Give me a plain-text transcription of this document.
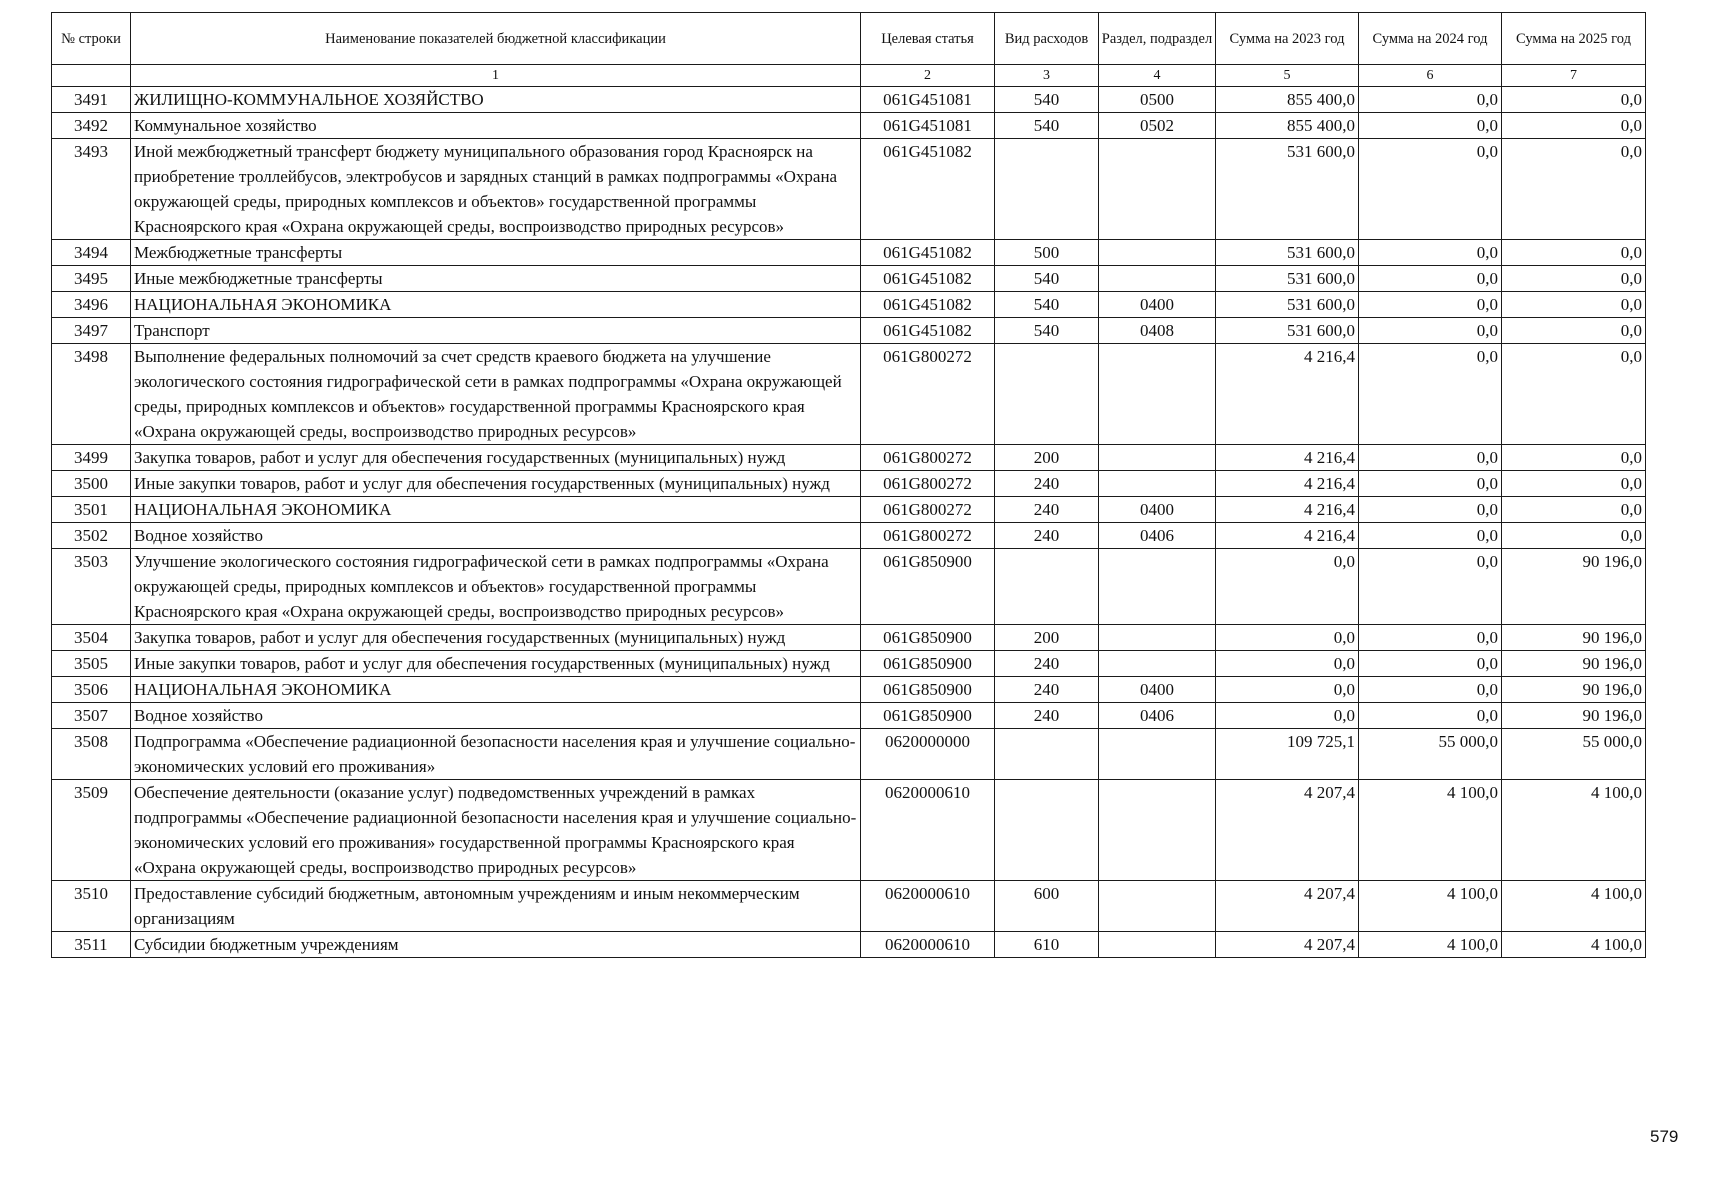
№ строки	Наименование показателей бюджетной классификации	Целевая статья	Вид расходов	Раздел, подраздел	Сумма на 2023 год	Сумма на 2024 год	Сумма на 2025 год
	1	2	3	4	5	6	7
3491	ЖИЛИЩНО-КОММУНАЛЬНОЕ ХОЗЯЙСТВО	061G451081	540	0500	855 400,0	0,0	0,0
3492	Коммунальное хозяйство	061G451081	540	0502	855 400,0	0,0	0,0
3493	Иной межбюджетный трансферт бюджету муниципального образования город Красноярск на приобретение троллейбусов, электробусов и зарядных станций в рамках подпрограммы «Охрана окружающей среды, природных комплексов и объектов» государственной программы Красноярского края «Охрана окружающей среды, воспроизводство природных ресурсов»	061G451082			531 600,0	0,0	0,0
3494	Межбюджетные трансферты	061G451082	500		531 600,0	0,0	0,0
3495	Иные межбюджетные трансферты	061G451082	540		531 600,0	0,0	0,0
3496	НАЦИОНАЛЬНАЯ ЭКОНОМИКА	061G451082	540	0400	531 600,0	0,0	0,0
3497	Транспорт	061G451082	540	0408	531 600,0	0,0	0,0
3498	Выполнение федеральных полномочий за счет средств краевого бюджета на улучшение экологического состояния гидрографической сети в рамках подпрограммы «Охрана окружающей среды, природных комплексов и объектов» государственной программы Красноярского края «Охрана окружающей среды, воспроизводство природных ресурсов»	061G800272			4 216,4	0,0	0,0
3499	Закупка товаров, работ и услуг для обеспечения государственных (муниципальных) нужд	061G800272	200		4 216,4	0,0	0,0
3500	Иные закупки товаров, работ и услуг для обеспечения государственных (муниципальных) нужд	061G800272	240		4 216,4	0,0	0,0
3501	НАЦИОНАЛЬНАЯ ЭКОНОМИКА	061G800272	240	0400	4 216,4	0,0	0,0
3502	Водное хозяйство	061G800272	240	0406	4 216,4	0,0	0,0
3503	Улучшение экологического состояния гидрографической сети в рамках подпрограммы «Охрана окружающей среды, природных комплексов и объектов» государственной программы Красноярского края «Охрана окружающей среды, воспроизводство природных ресурсов»	061G850900			0,0	0,0	90 196,0
3504	Закупка товаров, работ и услуг для обеспечения государственных (муниципальных) нужд	061G850900	200		0,0	0,0	90 196,0
3505	Иные закупки товаров, работ и услуг для обеспечения государственных (муниципальных) нужд	061G850900	240		0,0	0,0	90 196,0
3506	НАЦИОНАЛЬНАЯ ЭКОНОМИКА	061G850900	240	0400	0,0	0,0	90 196,0
3507	Водное хозяйство	061G850900	240	0406	0,0	0,0	90 196,0
3508	Подпрограмма «Обеспечение радиационной безопасности населения края и улучшение социально-экономических условий его проживания»	0620000000			109 725,1	55 000,0	55 000,0
3509	Обеспечение деятельности (оказание услуг) подведомственных учреждений в рамках подпрограммы «Обеспечение радиационной безопасности населения края и улучшение социально-экономических условий его проживания» государственной программы Красноярского края «Охрана окружающей среды, воспроизводство природных ресурсов»	0620000610			4 207,4	4 100,0	4 100,0
3510	Предоставление субсидий бюджетным, автономным учреждениям и иным некоммерческим организациям	0620000610	600		4 207,4	4 100,0	4 100,0
3511	Субсидии бюджетным учреждениям	0620000610	610		4 207,4	4 100,0	4 100,0
579
